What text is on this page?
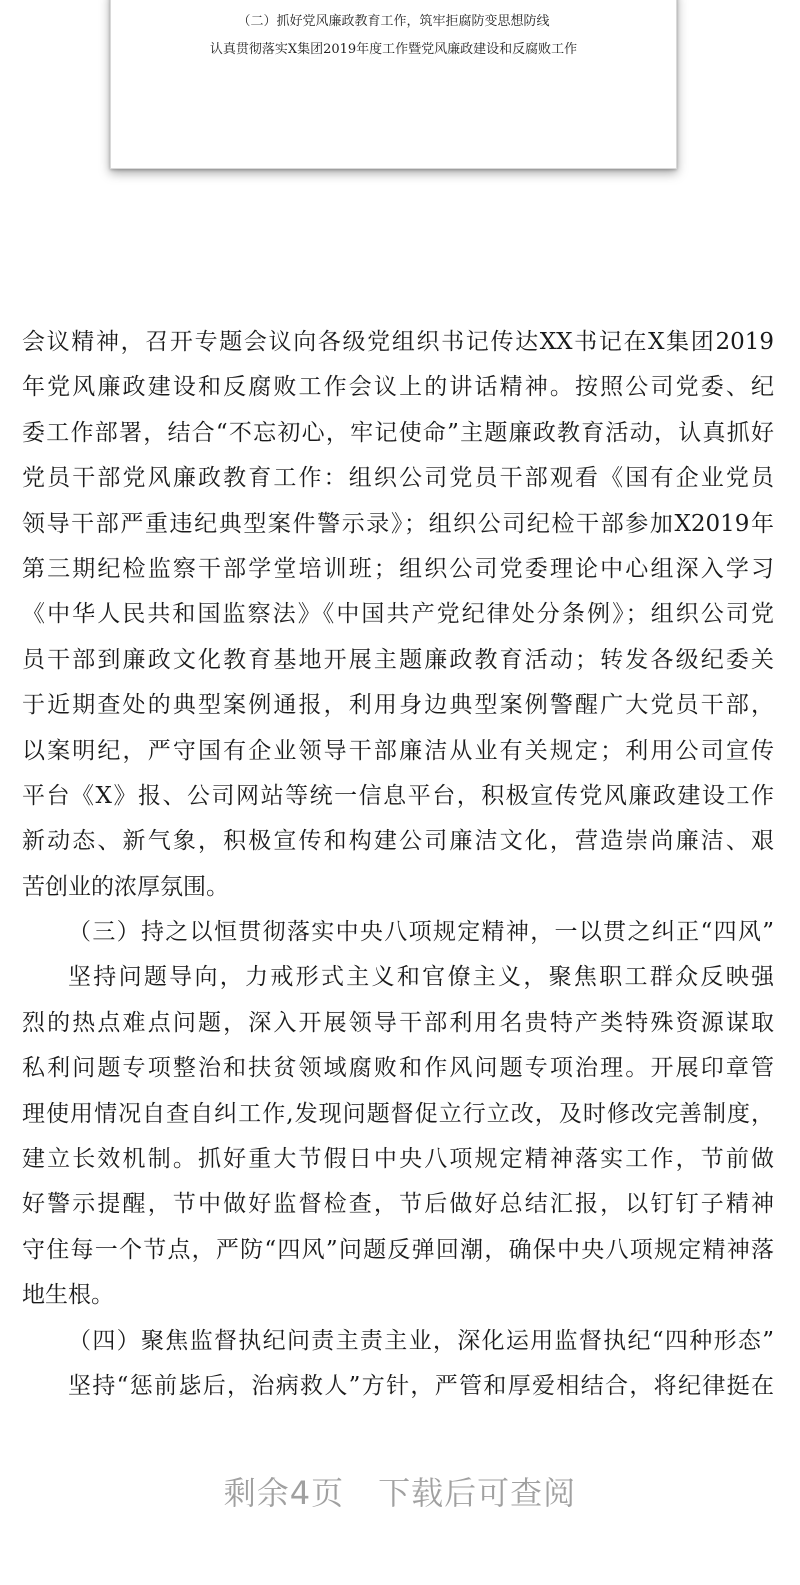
（二）抓好党风廉政教育工作，筑牢拒腐防变思想防线
认真贯彻落实X集团2019年度工作暨党风廉政建设和反腐败工作
会议精神，召开专题会议向各级党组织书记传达XX书记在X集团2019
年党风廉政建设和反腐败工作会议上的讲话精神。按照公司党委、纪
委工作部署，结合“不忘初心，牢记使命”主题廉政教育活动，认真抓好
党员干部党风廉政教育工作：组织公司党员干部观看《国有企业党员
领导干部严重违纪典型案件警示录》；组织公司纪检干部参加X2019年
第三期纪检监察干部学堂培训班；组织公司党委理论中心组深入学习
《中华人民共和国监察法》《中国共产党纪律处分条例》；组织公司党
员干部到廉政文化教育基地开展主题廉政教育活动；转发各级纪委关
于近期查处的典型案例通报，利用身边典型案例警醒广大党员干部，
以案明纪，严守国有企业领导干部廉洁从业有关规定；利用公司宣传
平台《X》报、公司网站等统一信息平台，积极宣传党风廉政建设工作
新动态、新气象，积极宣传和构建公司廉洁文化，营造崇尚廉洁、艰
苦创业的浓厚氛围。
（三）持之以恒贯彻落实中央八项规定精神，一以贯之纠正“四风”
坚持问题导向，力戒形式主义和官僚主义，聚焦职工群众反映强
烈的热点难点问题，深入开展领导干部利用名贵特产类特殊资源谋取
私利问题专项整治和扶贫领域腐败和作风问题专项治理。开展印章管
理使用情况自查自纠工作,发现问题督促立行立改，及时修改完善制度，
建立长效机制。抓好重大节假日中央八项规定精神落实工作，节前做
好警示提醒，节中做好监督检查，节后做好总结汇报，以钉钉子精神
守住每一个节点，严防“四风”问题反弹回潮，确保中央八项规定精神落
地生根。
（四）聚焦监督执纪问责主责主业，深化运用监督执纪“四种形态”
坚持“惩前毖后，治病救人”方针，严管和厚爱相结合，将纪律挺在
剩余4页 下载后可查阅
